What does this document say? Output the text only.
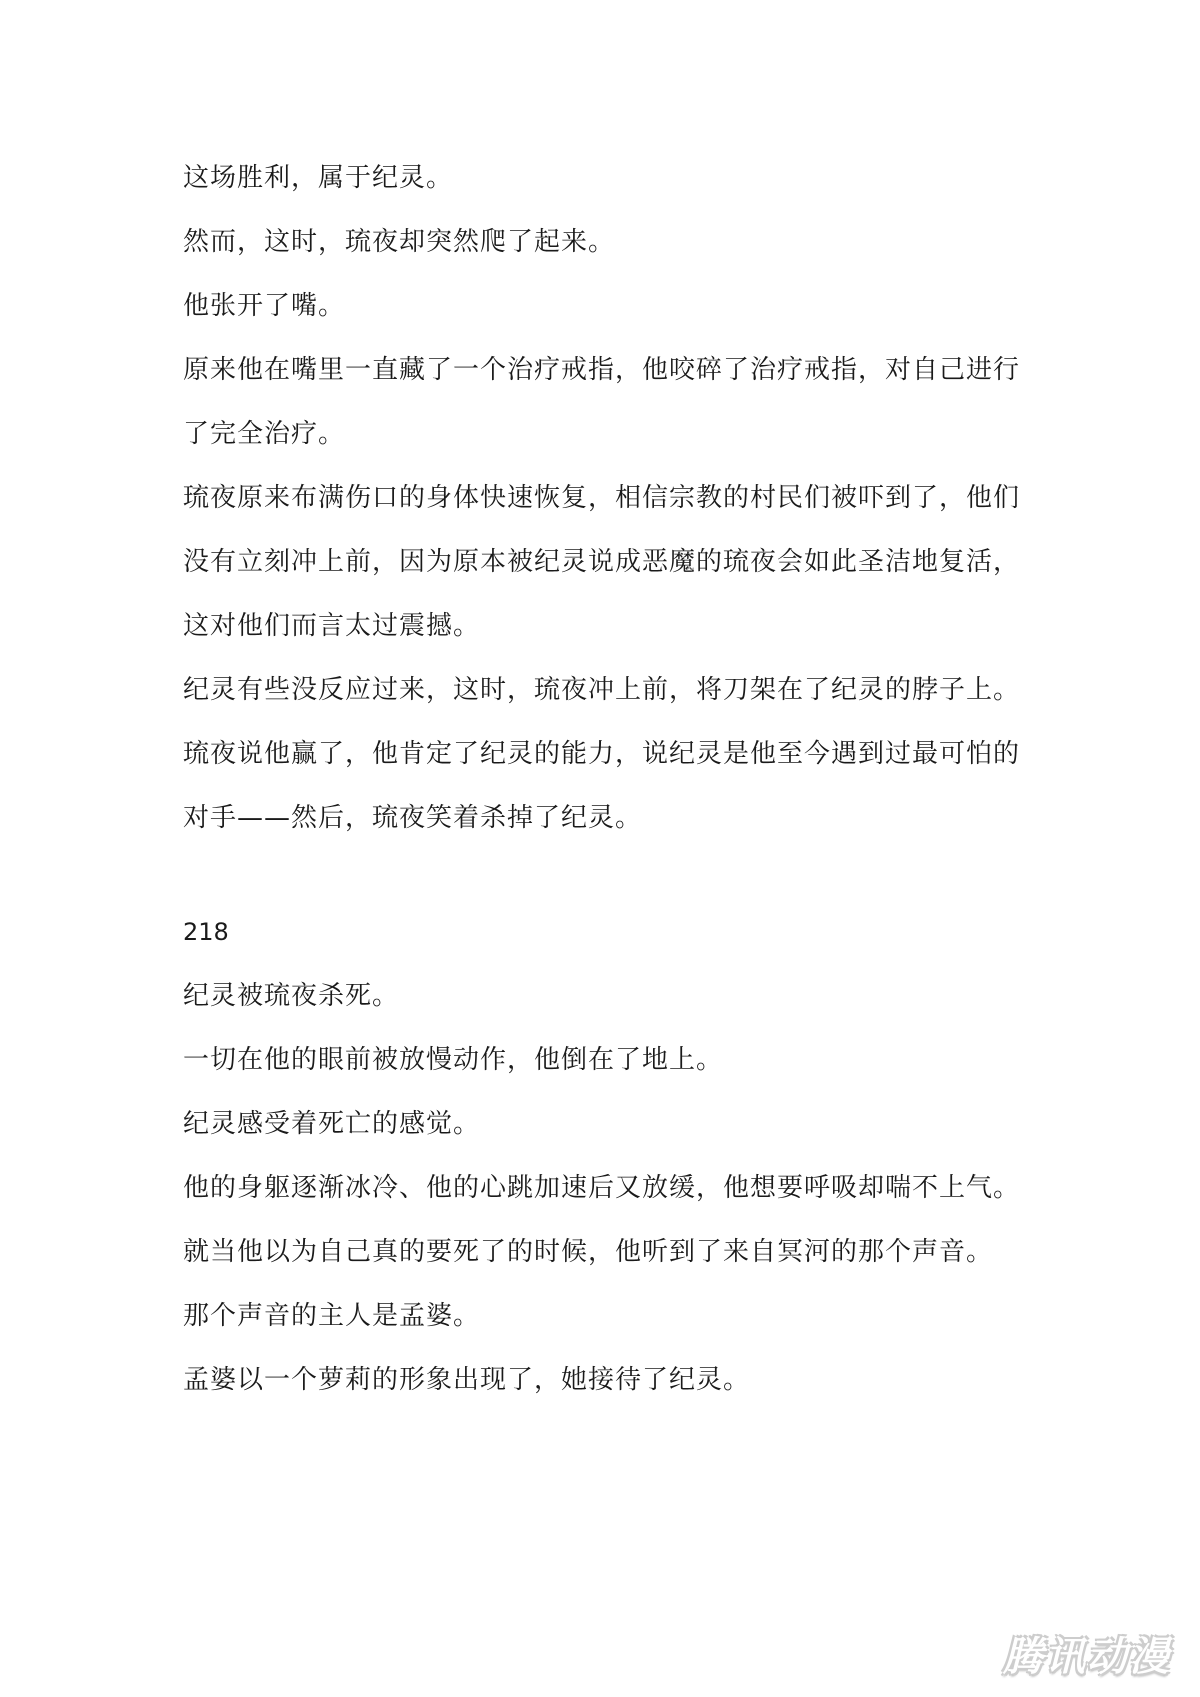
这场胜利，属于纪灵。

然而，这时，琉夜却突然爬了起来。

他张开了嘴。

原来他在嘴里一直藏了一个治疗戒指，他咬碎了治疗戒指，对自己进行了完全治疗。

琉夜原来布满伤口的身体快速恢复，相信宗教的村民们被吓到了，他们没有立刻冲上前，因为原本被纪灵说成恶魔的琉夜会如此圣洁地复活，这对他们而言太过震撼。

纪灵有些没反应过来，这时，琉夜冲上前，将刀架在了纪灵的脖子上。

琉夜说他赢了，他肯定了纪灵的能力，说纪灵是他至今遇到过最可怕的对手——然后，琉夜笑着杀掉了纪灵。

218

纪灵被琉夜杀死。

一切在他的眼前被放慢动作，他倒在了地上。

纪灵感受着死亡的感觉。

他的身躯逐渐冰冷、他的心跳加速后又放缓，他想要呼吸却喘不上气。

就当他以为自己真的要死了的时候，他听到了来自冥河的那个声音。

那个声音的主人是孟婆。

孟婆以一个萝莉的形象出现了，她接待了纪灵。

腾讯动漫
